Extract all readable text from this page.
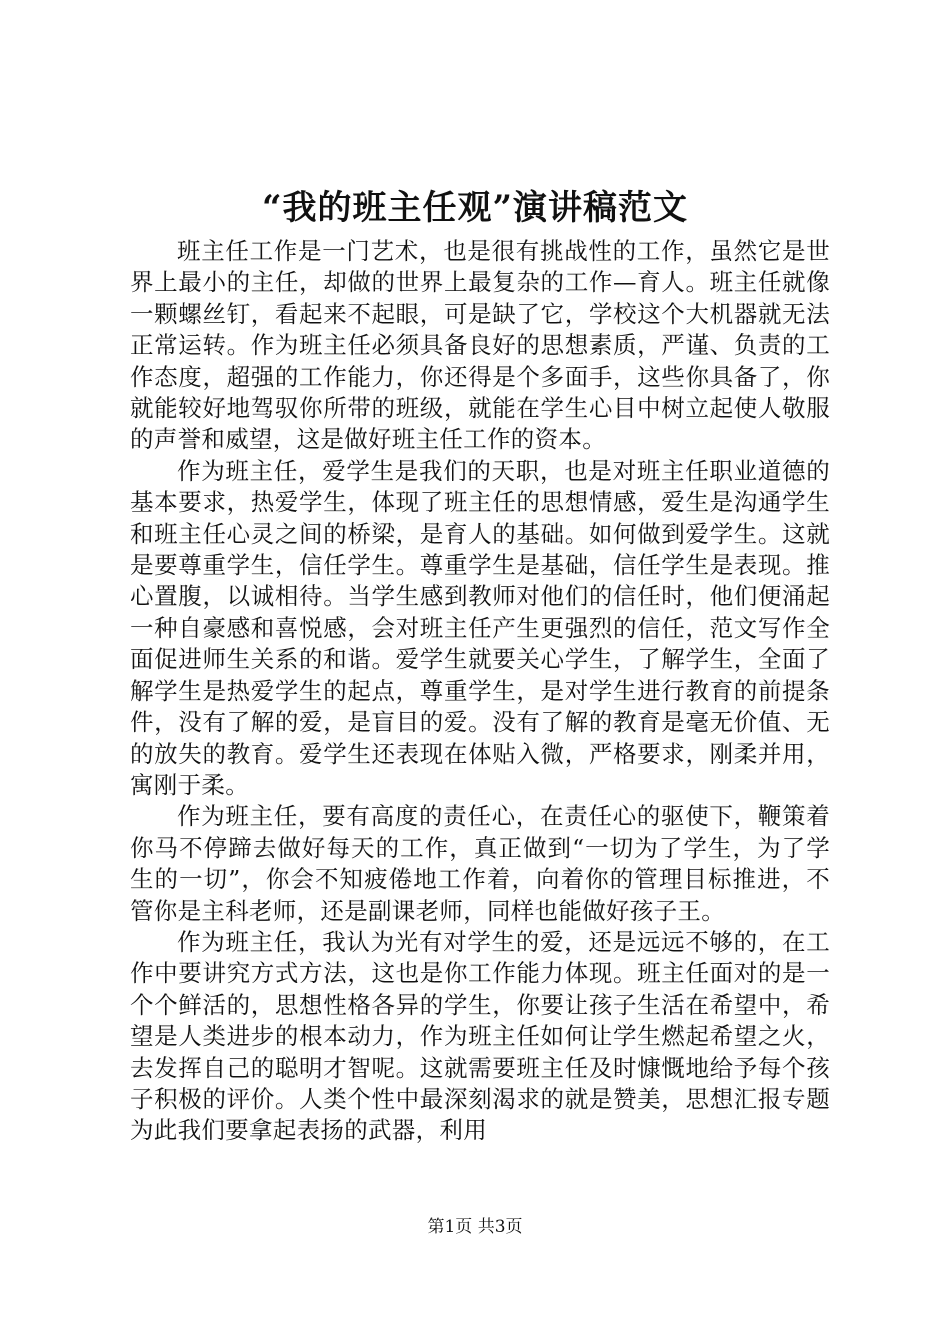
“我的班主任观”演讲稿范文

班主任工作是一门艺术，也是很有挑战性的工作，虽然它是世界上最小的主任，却做的世界上最复杂的工作—育人。班主任就像一颗螺丝钉，看起来不起眼，可是缺了它，学校这个大机器就无法正常运转。作为班主任必须具备良好的思想素质，严谨、负责的工作态度，超强的工作能力，你还得是个多面手，这些你具备了，你就能较好地驾驭你所带的班级，就能在学生心目中树立起使人敬服的声誉和威望，这是做好班主任工作的资本。

作为班主任，爱学生是我们的天职，也是对班主任职业道德的基本要求，热爱学生，体现了班主任的思想情感，爱生是沟通学生和班主任心灵之间的桥梁，是育人的基础。如何做到爱学生。这就是要尊重学生，信任学生。尊重学生是基础，信任学生是表现。推心置腹，以诚相待。当学生感到教师对他们的信任时，他们便涌起一种自豪感和喜悦感，会对班主任产生更强烈的信任，范文写作全面促进师生关系的和谐。爱学生就要关心学生，了解学生，全面了解学生是热爱学生的起点，尊重学生，是对学生进行教育的前提条件，没有了解的爱，是盲目的爱。没有了解的教育是毫无价值、无的放失的教育。爱学生还表现在体贴入微，严格要求，刚柔并用，寓刚于柔。

作为班主任，要有高度的责任心，在责任心的驱使下，鞭策着你马不停蹄去做好每天的工作，真正做到“一切为了学生，为了学生的一切”，你会不知疲倦地工作着，向着你的管理目标推进，不管你是主科老师，还是副课老师，同样也能做好孩子王。

作为班主任，我认为光有对学生的爱，还是远远不够的，在工作中要讲究方式方法，这也是你工作能力体现。班主任面对的是一个个鲜活的，思想性格各异的学生，你要让孩子生活在希望中，希望是人类进步的根本动力，作为班主任如何让学生燃起希望之火，去发挥自己的聪明才智呢。这就需要班主任及时慷慨地给予每个孩子积极的评价。人类个性中最深刻渴求的就是赞美，思想汇报专题为此我们要拿起表扬的武器，利用

第1页 共3页
